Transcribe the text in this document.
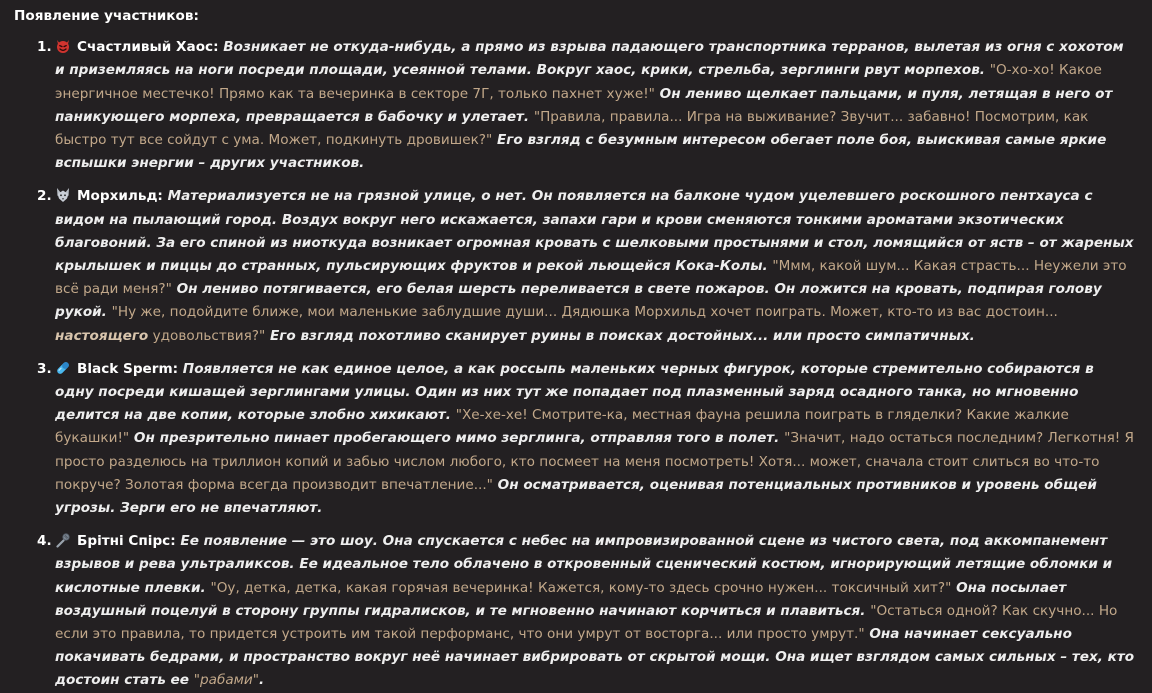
Появление участников:
1. Счастливый Хаос: Возникает не откуда-нибудь, а прямо из взрыва падающего транспортника терранов, вылетая из огня с хохотом и приземляясь на ноги посреди площади, усеянной телами. Вокруг хаос, крики, стрельба, зерглинги рвут морпехов. "О-хо-хо! Какое энергичное местечко! Прямо как та вечеринка в секторе 7Г, только пахнет хуже!" Он лениво щелкает пальцами, и пуля, летящая в него от паникующего морпеха, превращается в бабочку и улетает. "Правила, правила... Игра на выживание? Звучит... забавно! Посмотрим, как быстро тут все сойдут с ума. Может, подкинуть дровишек?" Его взгляд с безумным интересом обегает поле боя, выискивая самые яркие вспышки энергии – других участников.
2. Морхильд: Материализуется не на грязной улице, о нет. Он появляется на балконе чудом уцелевшего роскошного пентхауса с видом на пылающий город. Воздух вокруг него искажается, запахи гари и крови сменяются тонкими ароматами экзотических благовоний. За его спиной из ниоткуда возникает огромная кровать с шелковыми простынями и стол, ломящийся от яств – от жареных крылышек и пиццы до странных, пульсирующих фруктов и рекой льющейся Кока-Колы. "Ммм, какой шум... Какая страсть... Неужели это всё ради меня?" Он лениво потягивается, его белая шерсть переливается в свете пожаров. Он ложится на кровать, подпирая голову рукой. "Ну же, подойдите ближе, мои маленькие заблудшие души... Дядюшка Морхильд хочет поиграть. Может, кто-то из вас достоин... настоящего удовольствия?" Его взгляд похотливо сканирует руины в поисках достойных... или просто симпатичных.
3. Black Sperm: Появляется не как единое целое, а как россыпь маленьких черных фигурок, которые стремительно собираются в одну посреди кишащей зерглингами улицы. Один из них тут же попадает под плазменный заряд осадного танка, но мгновенно делится на две копии, которые злобно хихикают. "Хе-хе-хе! Смотрите-ка, местная фауна решила поиграть в гляделки? Какие жалкие букашки!" Он презрительно пинает пробегающего мимо зерглинга, отправляя того в полет. "Значит, надо остаться последним? Легкотня! Я просто разделюсь на триллион копий и забью числом любого, кто посмеет на меня посмотреть! Хотя... может, сначала стоит слиться во что-то покруче? Золотая форма всегда производит впечатление..." Он осматривается, оценивая потенциальных противников и уровень общей угрозы. Зерги его не впечатляют.
4. Брітні Спірс: Ее появление — это шоу. Она спускается с небес на импровизированной сцене из чистого света, под аккомпанемент взрывов и рева ультраликсов. Ее идеальное тело облачено в откровенный сценический костюм, игнорирующий летящие обломки и кислотные плевки. "Оу, детка, детка, какая горячая вечеринка! Кажется, кому-то здесь срочно нужен... токсичный хит?" Она посылает воздушный поцелуй в сторону группы гидралисков, и те мгновенно начинают корчиться и плавиться. "Остаться одной? Как скучно... Но если это правила, то придется устроить им такой перформанс, что они умрут от восторга... или просто умрут." Она начинает сексуально покачивать бедрами, и пространство вокруг неё начинает вибрировать от скрытой мощи. Она ищет взглядом самых сильных – тех, кто достоин стать ее "рабами".
